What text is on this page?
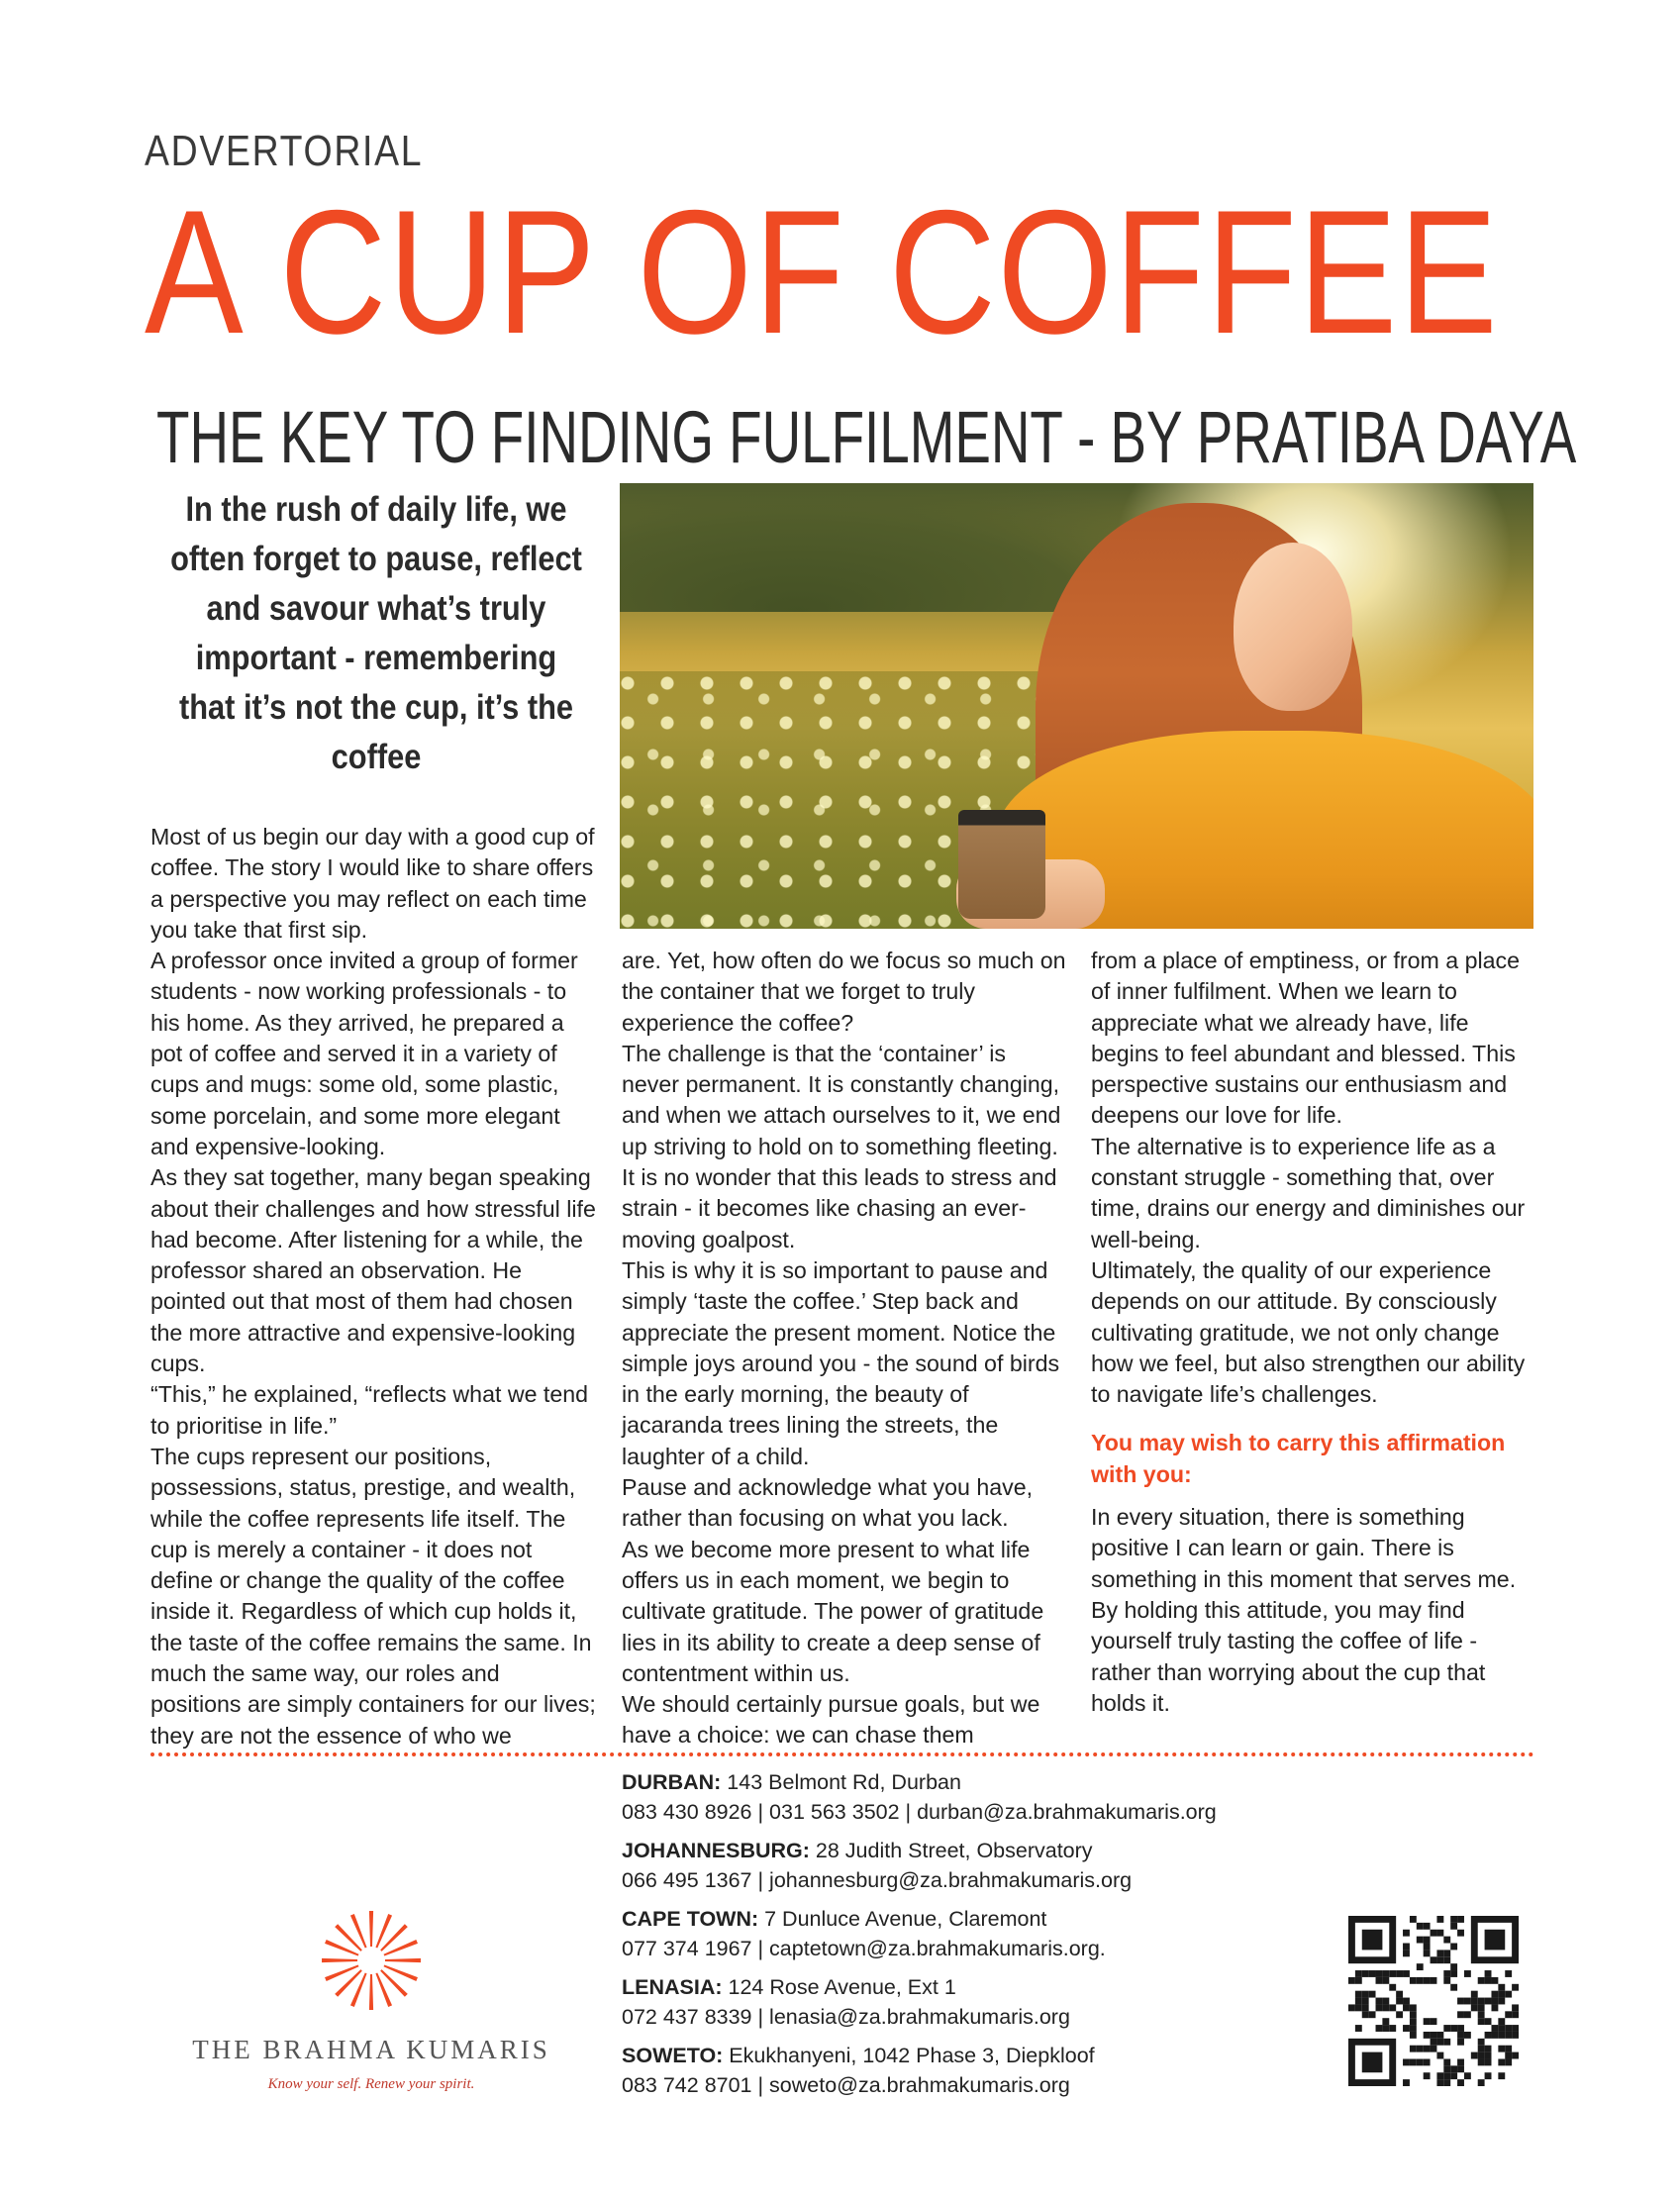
ADVERTORIAL
A CUP OF COFFEE
THE KEY TO FINDING FULFILMENT - BY PRATIBA DAYA

In the rush of daily life, we often forget to pause, reflect and savour what’s truly important - remembering that it’s not the cup, it’s the coffee

Most of us begin our day with a good cup of coffee. The story I would like to share offers a perspective you may reflect on each time you take that first sip.

A professor once invited a group of former students - now working professionals - to his home. As they arrived, he prepared a pot of coffee and served it in a variety of cups and mugs: some old, some plastic, some porcelain, and some more elegant and expensive-looking.

As they sat together, many began speaking about their challenges and how stressful life had become. After listening for a while, the professor shared an observation. He pointed out that most of them had chosen the more attractive and expensive-looking cups.

“This,” he explained, “reflects what we tend to prioritise in life.”

The cups represent our positions, possessions, status, prestige, and wealth, while the coffee represents life itself. The cup is merely a container - it does not define or change the quality of the coffee inside it. Regardless of which cup holds it, the taste of the coffee remains the same. In much the same way, our roles and positions are simply containers for our lives; they are not the essence of who we

are. Yet, how often do we focus so much on the container that we forget to truly experience the coffee?

The challenge is that the ‘container’ is never permanent. It is constantly changing, and when we attach ourselves to it, we end up striving to hold on to something fleeting. It is no wonder that this leads to stress and strain - it becomes like chasing an ever-moving goalpost.

This is why it is so important to pause and simply ‘taste the coffee.’ Step back and appreciate the present moment. Notice the simple joys around you - the sound of birds in the early morning, the beauty of jacaranda trees lining the streets, the laughter of a child.

Pause and acknowledge what you have, rather than focusing on what you lack.

As we become more present to what life offers us in each moment, we begin to cultivate gratitude. The power of gratitude lies in its ability to create a deep sense of contentment within us.

We should certainly pursue goals, but we have a choice: we can chase them

from a place of emptiness, or from a place of inner fulfilment. When we learn to appreciate what we already have, life begins to feel abundant and blessed. This perspective sustains our enthusiasm and deepens our love for life.

The alternative is to experience life as a constant struggle - something that, over time, drains our energy and diminishes our well-being.

Ultimately, the quality of our experience depends on our attitude. By consciously cultivating gratitude, we not only change how we feel, but also strengthen our ability to navigate life’s challenges.

You may wish to carry this affirmation with you:

In every situation, there is something positive I can learn or gain. There is something in this moment that serves me.

By holding this attitude, you may find yourself truly tasting the coffee of life - rather than worrying about the cup that holds it.

DURBAN: 143 Belmont Rd, Durban
083 430 8926 | 031 563 3502 | durban@za.brahmakumaris.org
JOHANNESBURG: 28 Judith Street, Observatory
066 495 1367 | johannesburg@za.brahmakumaris.org
CAPE TOWN: 7 Dunluce Avenue, Claremont
077 374 1967 | captetown@za.brahmakumaris.org.
LENASIA: 124 Rose Avenue, Ext 1
072 437 8339 | lenasia@za.brahmakumaris.org
SOWETO: Ekukhanyeni, 1042 Phase 3, Diepkloof
083 742 8701 | soweto@za.brahmakumaris.org
THE BRAHMA KUMARIS
Know your self. Renew your spirit.
